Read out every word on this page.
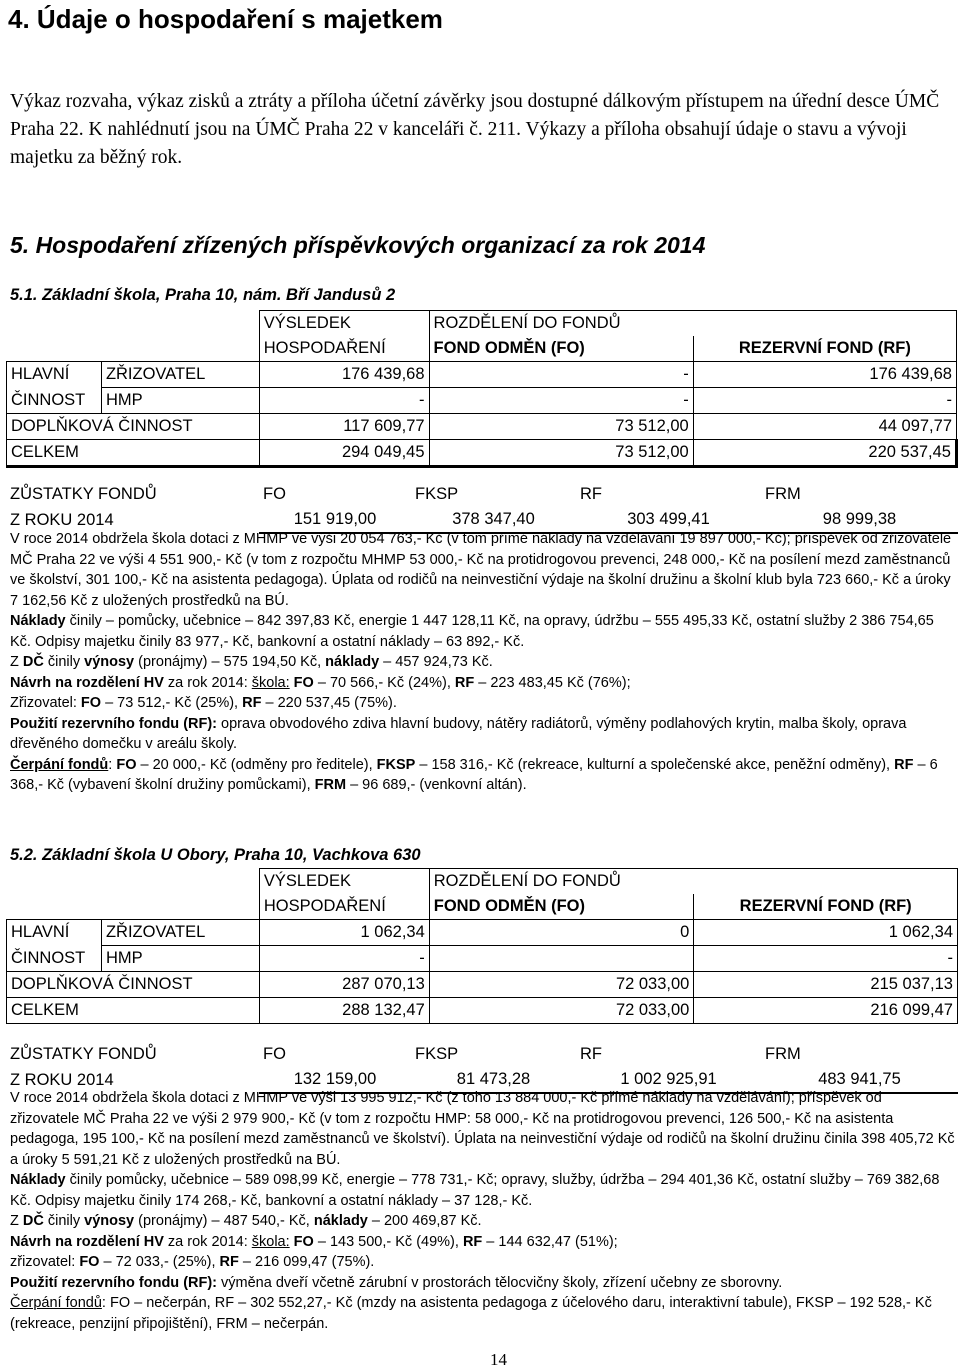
4. Údaje o hospodaření s majetkem
Výkaz rozvaha, výkaz zisků a ztráty a příloha účetní závěrky jsou dostupné dálkovým přístupem na úřední desce ÚMČ Praha 22. K nahlédnutí jsou na ÚMČ Praha 22 v kanceláři č. 211. Výkazy a příloha obsahují údaje o stavu a vývoji majetku za běžný rok.
5. Hospodaření zřízených příspěvkových organizací za rok 2014
5.1. Základní škola, Praha 10, nám. Bří Jandusů 2
		VÝSLEDEK	ROZDĚLENÍ DO FONDŮ	
		HOSPODAŘENÍ	FOND ODMĚN (FO)	REZERVNÍ FOND (RF)
HLAVNÍ	ZŘIZOVATEL	176 439,68	-	176 439,68
ČINNOST	HMP	-	-	-
DOPLŇKOVÁ ČINNOST		117 609,77	73 512,00	44 097,77
CELKEM		294 049,45	73 512,00	220 537,45
ZŮSTATKY FONDŮ	FO	FKSP	RF	FRM
Z ROKU 2014	151 919,00	378 347,40	303 499,41	98 999,38

V roce 2014 obdržela škola dotaci z MHMP ve výši 20 054 763,- Kč (v tom přímé náklady na vzdělávání 19 897 000,- Kč); příspěvek od zřizovatele MČ Praha 22 ve výši 4 551 900,- Kč (v tom z rozpočtu MHMP 53 000,- Kč na protidrogovou prevenci, 248 000,- Kč na posílení mezd zaměstnanců ve školství, 301 100,- Kč na asistenta pedagoga). Úplata od rodičů na neinvestiční výdaje na školní družinu a školní klub byla 723 660,- Kč a úroky 7 162,56 Kč z uložených prostředků na BÚ.

Náklady činily – pomůcky, učebnice – 842 397,83 Kč, energie 1 447 128,11 Kč, na opravy, údržbu – 555 495,33 Kč, ostatní služby 2 386 754,65 Kč. Odpisy majetku činily 83 977,- Kč, bankovní a ostatní náklady – 63 892,- Kč.

Z DČ činily výnosy (pronájmy) – 575 194,50 Kč, náklady – 457 924,73 Kč.

Návrh na rozdělení HV za rok 2014: škola: FO – 70 566,- Kč (24%), RF – 223 483,45 Kč (76%);

Zřizovatel: FO – 73 512,- Kč (25%), RF – 220 537,45 (75%).

Použití rezervního fondu (RF): oprava obvodového zdiva hlavní budovy, nátěry radiátorů, výměny podlahových krytin, malba školy, oprava dřevěného domečku v areálu školy.

Čerpání fondů: FO – 20 000,- Kč (odměny pro ředitele), FKSP – 158 316,- Kč (rekreace, kulturní a společenské akce, peněžní odměny), RF – 6 368,- Kč (vybavení školní družiny pomůckami), FRM – 96 689,- (venkovní altán).

5.2. Základní škola U Obory, Praha 10, Vachkova 630
		VÝSLEDEK	ROZDĚLENÍ DO FONDŮ	
		HOSPODAŘENÍ	FOND ODMĚN (FO)	REZERVNÍ FOND (RF)
HLAVNÍ	ZŘIZOVATEL	1 062,34	0	1 062,34
ČINNOST	HMP	-		-
DOPLŇKOVÁ ČINNOST		287 070,13	72 033,00	215 037,13
CELKEM		288 132,47	72 033,00	216 099,47
ZŮSTATKY FONDŮ	FO	FKSP	RF	FRM
Z ROKU 2014	132 159,00	81 473,28	1 002 925,91	483 941,75

V roce 2014 obdržela škola dotaci z MHMP ve výši 13 995 912,- Kč (z toho 13 884 000,- Kč přímé náklady na vzdělávání); příspěvek od zřizovatele MČ Praha 22 ve výši 2 979 900,- Kč (v tom z rozpočtu HMP: 58 000,- Kč na protidrogovou prevenci, 126 500,- Kč na asistenta pedagoga, 195 100,- Kč na posílení mezd zaměstnanců ve školství). Úplata na neinvestiční výdaje od rodičů na školní družinu činila 398 405,72 Kč a úroky 5 591,21 Kč z uložených prostředků na BÚ.

Náklady činily pomůcky, učebnice – 589 098,99 Kč, energie – 778 731,- Kč; opravy, služby, údržba – 294 401,36 Kč, ostatní služby – 769 382,68 Kč. Odpisy majetku činily 174 268,- Kč, bankovní a ostatní náklady – 37 128,- Kč.

Z DČ činily výnosy (pronájmy) – 487 540,- Kč, náklady – 200 469,87 Kč.

Návrh na rozdělení HV za rok 2014: škola: FO – 143 500,- Kč (49%), RF – 144 632,47 (51%);

zřizovatel: FO – 72 033,- (25%), RF – 216 099,47 (75%).

Použití rezervního fondu (RF): výměna dveří včetně zárubní v prostorách tělocvičny školy, zřízení učebny ze sborovny.

Čerpání fondů: FO – nečerpán, RF – 302 552,27,- Kč (mzdy na asistenta pedagoga z účelového daru, interaktivní tabule), FKSP – 192 528,- Kč (rekreace, penzijní připojištění), FRM – nečerpán.

14
